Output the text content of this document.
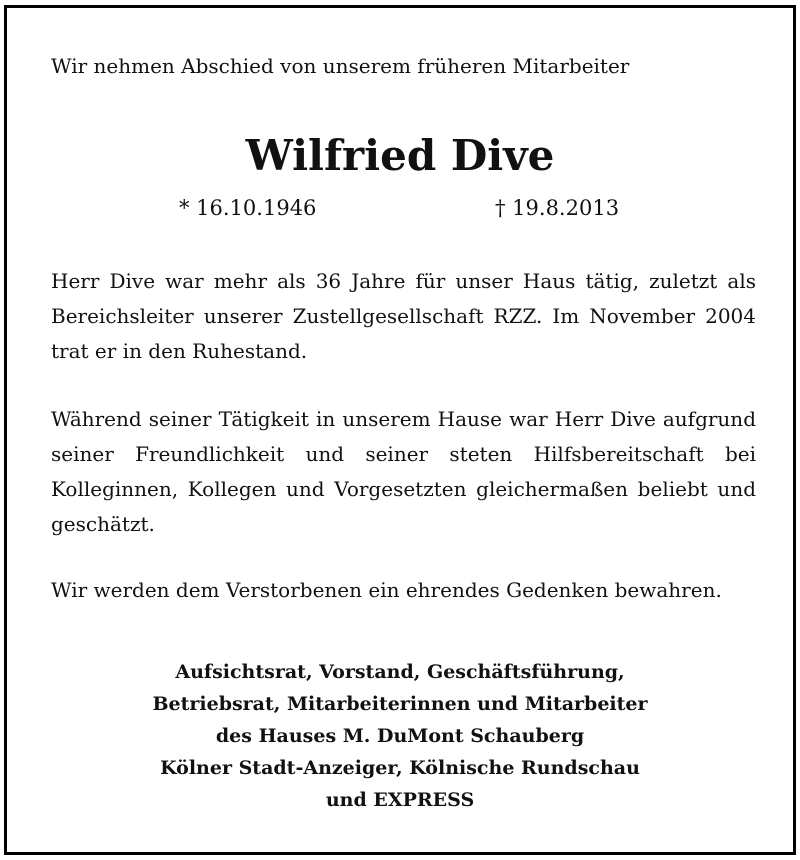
Wir nehmen Abschied von unserem früheren Mitarbeiter

Wilfried Dive
* 16.10.1946	† 19.8.2013

Herr Dive war mehr als 36 Jahre für unser Haus tätig, zuletzt als Bereichsleiter unserer Zustellgesellschaft RZZ. Im November 2004 trat er in den Ruhestand.

Während seiner Tätigkeit in unserem Hause war Herr Dive aufgrund seiner Freundlichkeit und seiner steten Hilfsbereitschaft bei Kolleginnen, Kollegen und Vorgesetzten gleichermaßen beliebt und geschätzt.

Wir werden dem Verstorbenen ein ehrendes Gedenken bewahren.

Aufsichtsrat, Vorstand, Geschäftsführung,
Betriebsrat, Mitarbeiterinnen und Mitarbeiter
des Hauses M. DuMont Schauberg
Kölner Stadt-Anzeiger, Kölnische Rundschau
und EXPRESS
